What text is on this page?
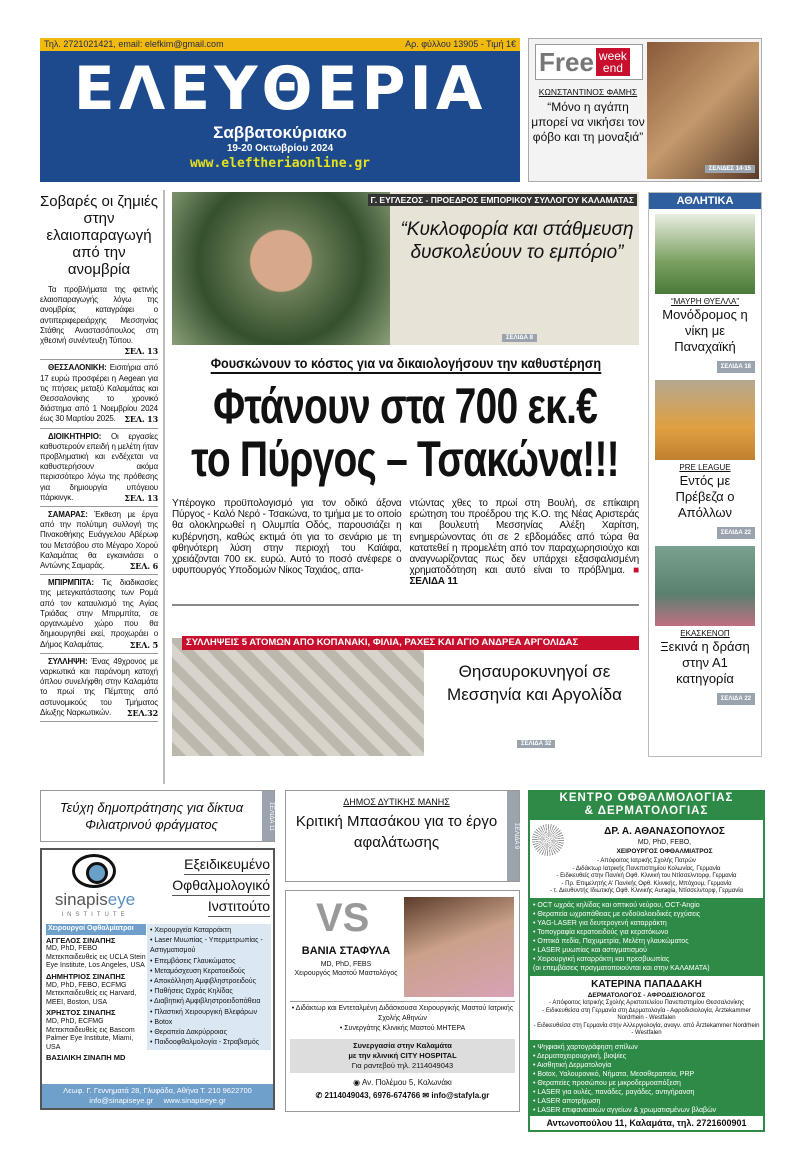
Τηλ. 2721021421, email: elefkim@gmail.com	Αρ. φύλλου 13905 - Τιμή 1€
ΕΛΕΥΘΕΡΙΑ
Σαββατοκύριακο
19-20 Οκτωβρίου 2024
www.eleftheriaonline.gr
Free week
end
ΚΩΝΣΤΑΝΤΙΝΟΣ ΦΑΜΗΣ
“Μόνο η αγάπη μπορεί να νικήσει τον φόβο και τη μοναξιά”
ΣΕΛΙΔΕΣ 14-15
Σοβαρές οι ζημιές στην ελαιοπαραγωγή από την ανομβρία
Τα προβλήματα της φετινής ελαιοπαραγωγής λόγω της ανομβρίας καταγράφει ο αντιπεριφερειάρχης Μεσσηνίας Στάθης Αναστασόπουλος στη χθεσινή συνέντευξη Τύπου.
ΣΕΛ. 13
ΘΕΣΣΑΛΟΝΙΚΗ: Εισιτήρια από 17 ευρώ προσφέρει η Aegean για τις πτήσεις μεταξύ Καλαμάτας και Θεσσαλονίκης το χρονικό διάστημα από 1 Νοεμβρίου 2024 έως 30 Μαρτίου 2025. ΣΕΛ. 13
ΔΙΟΙΚΗΤΗΡΙΟ: Οι εργασίες καθυστερούν επειδή η μελέτη ήταν προβληματική και ενδέχεται να καθυστερήσουν ακόμα περισσότερο λόγω της πρόθεσης για δημιουργία υπόγειου πάρκινγκ.	ΣΕΛ. 13
ΣΑΜΑΡΑΣ: Έκθεση με έργα από την πολύτιμη συλλογή της Πινακοθήκης Ευάγγελου Αβέρωφ του Μετσόβου στο Μέγαρο Χορού Καλαμάτας θα εγκαινιάσει ο Αντώνης Σαμαράς.	ΣΕΛ. 6
ΜΠΙΡΜΠΙΤΑ: Τις διαδικασίες της μετεγκατάστασης των Ρομά από τον καταυλισμό της Αγίας Τριάδας στην Μπιρμπίτα, σε οργανωμένο χώρο που θα δημιουργηθεί εκεί, προχωράει ο Δήμος Καλαμάτας.	ΣΕΛ. 5
ΣΥΛΛΗΨΗ: Ένας 49χρονος με ναρκωτικά και παράνομη κατοχή όπλου συνελήφθη στην Καλαμάτα το πρωί της Πέμπτης από αστυνομικούς του Τμήματος Δίωξης Ναρκωτικών. ΣΕΛ.32
Γ. ΕΥΓΛΕΖΟΣ - ΠΡΟΕΔΡΟΣ ΕΜΠΟΡΙΚΟΥ ΣΥΛΛΟΓΟΥ ΚΑΛΑΜΑΤΑΣ
“Κυκλοφορία και στάθμευση δυσκολεύουν το εμπόριο”
ΣΕΛΙΔΑ 8
Φουσκώνουν το κόστος για να δικαιολογήσουν την καθυστέρηση
Φτάνουν στα 700 εκ.€
το Πύργος – Τσακώνα!!!
Υπέρογκο προϋπολογισμό για τον οδικό άξονα Πύργος - Καλό Νερό - Τσακώνα, το τμήμα με το οποίο θα ολοκληρωθεί η Ολυμπία Οδός, παρουσιάζει η κυβέρνηση, καθώς εκτιμά ότι για το σενάριο με τη φθηνότερη λύση στην περιοχή του Καϊάφα, χρειάζονται 700 εκ. ευρώ. Αυτό το ποσό ανέφερε ο υφυπουργός Υποδομών Νίκος Ταχιάος, απα-
ντώντας χθες το πρωί στη Βουλή, σε επίκαιρη ερώτηση του προέδρου της Κ.Ο. της Νέας Αριστεράς και βουλευτή Μεσσηνίας Αλέξη Χαρίτση, ενημερώνοντας ότι σε 2 εβδομάδες από τώρα θα κατατεθεί η προμελέτη από τον παραχωρησιούχο και αναγνωρίζοντας πως δεν υπάρχει εξασφαλισμένη χρηματοδότηση και αυτό είναι το πρόβλημα. ■ ΣΕΛΙΔΑ 11
ΣΥΛΛΗΨΕΙΣ 5 ΑΤΟΜΩΝ ΑΠΟ ΚΟΠΑΝΑΚΙ, ΦΙΛΙΑ, ΡΑΧΕΣ ΚΑΙ ΑΓΙΟ ΑΝΔΡΕΑ ΑΡΓΟΛΙΔΑΣ
Θησαυροκυνηγοί σε Μεσσηνία και Αργολίδα
ΣΕΛΙΔΑ 32
ΑΘΛΗΤΙΚΑ
“ΜΑΥΡΗ ΘΥΕΛΛΑ”
Μονόδρομος η νίκη με Παναχαϊκή
ΣΕΛΙΔΑ 18
PRE LEAGUE
Εντός με Πρέβεζα ο Απόλλων
ΣΕΛΙΔΑ 22
ΕΚΑΣΚΕΝΟΠ
Ξεκινά η δράση στην Α1 κατηγορία
ΣΕΛΙΔΑ 22
Τεύχη δημοπράτησης για δίκτυα Φιλιατρινού φράγματος	ΣΕΛΙΔΑ 11	ΔΗΜΟΣ ΔΥΤΙΚΗΣ ΜΑΝΗΣ
Κριτική Μπασάκου για το έργο αφαλάτωσης	ΣΕΛΙΔΑ 9
sinapiseye
INSTITUTE
Εξειδικευμένο
Οφθαλμολογικό
Ινστιτούτο
Χειρουργοί Οφθαλμίατροι
ΑΓΓΕΛΟΣ ΣΙΝΑΠΗΣ
MD, PhD, FEBO Μετεκπαιδευθείς εις UCLA Stein Eye Institute, Los Angeles, USA
ΔΗΜΗΤΡΙΟΣ ΣΙΝΑΠΗΣ
MD, PhD, FEBO, ECFMG Μετεκπαιδευθείς εις Harvard, MEEI, Boston, USA
ΧΡΗΣΤΟΣ ΣΙΝΑΠΗΣ
MD, PhD, ECFMG Μετεκπαιδευθείς εις Bascom Palmer Eye Institute, Miami, USA
ΒΑΣΙΛΙΚΗ ΣΙΝΑΠΗ MD
• Χειρουργεία Καταρράκτη
• Laser Μυωπίας - Υπερμετρωπίας - Αστιγματισμού
• Επεμβάσεις Γλαυκώματος
• Μεταμόσχευση Κερατοειδούς
• Αποκόλληση Αμφιβληστροειδούς
• Παθήσεις Ωχράς Κηλίδας
• Διαβητική Αμφιβληστροειδοπάθεια
• Πλαστική Χειρουργική Βλεφάρων
• Botox
• Θεραπεία Δακρύρροιας
• Παιδοοφθαλμολογία - Στραβισμός
Λεωφ. Γ. Γεννηματά 28, Γλυφάδα, Αθήνα Τ. 210 9622700
info@sinapiseye.gr www.sinapiseye.gr
VS
ΒΑΝΙΑ ΣΤΑΦΥΛΑ
MD, PhD, FEBS
Χειρουργός Μαστού Μαστολόγος
• Διδάκτωρ και Εντεταλμένη Διδάσκουσα Χειρουργικής Μαστού Ιατρικής Σχολής Αθηνών
• Συνεργάτης Κλινικής Μαστού ΜΗΤΕΡΑ
Συνεργασία στην Καλαμάτα
με την κλινική CITY HOSPITAL
Για ραντεβού τηλ. 2114049043
◉ Αν. Πολέμου 5, Κολωνάκι
✆ 2114049043, 6976-674766 ✉ info@stafyla.gr
ΚΕΝΤΡΟ ΟΦΘΑΛΜΟΛΟΓΙΑΣ
& ΔΕΡΜΑΤΟΛΟΓΙΑΣ
ΔΡ. Α. ΑΘΑΝΑΣΟΠΟΥΛΟΣ
MD, PhD, FEBO,
ΧΕΙΡΟΥΡΓΟΣ ΟΦΘΑΛΜΙΑΤΡΟΣ
- Απόφοιτος Ιατρικής Σχολής Πατρών
- Διδάκτωρ Ιατρικής Πανεπιστημίου Κολωνίας, Γερμανία
- Ειδικευθείς στην Παν/κή Οφθ. Κλινική του Ντίσσελντορφ, Γερμανία
- Πρ. Επιμελητής Α' Παν/κής Οφθ. Κλινικής, Μπόχουμ, Γερμανία
- τ. Διευθυντής Ιδιωτικής Οφθ. Κλινικής Auragia, Ντίσσελντορφ, Γερμανία
• OCT ωχράς κηλίδας και οπτικού νεύρου, OCT-Angio
• Θεραπεία ωχροπάθειας με ενδοϋαλοειδικές εγχύσεις
• YAG-LASER για δευτερογενή καταρράκτη
• Τοπογραφία κερατοειδούς για κερατόκωνο
• Οπτικά πεδία, Παχυμετρία, Μελέτη γλαυκώματος
• LASER μυωπίας και αστιγματισμού
• Χειρουργική καταρράκτη και πρεσβυωπίας
(οι επεμβάσεις πραγματοποιούνται και στην ΚΑΛΑΜΑΤΑ)
ΚΑΤΕΡΙΝΑ ΠΑΠΑΔΑΚΗ
ΔΕΡΜΑΤΟΛΟΓΟΣ - ΑΦΡΟΔΙΣΙΟΛΟΓΟΣ
- Απόφοιτος Ιατρικής Σχολής Αριστοτελείου Πανεπιστημίου Θεσσαλονίκης
- Ειδικευθείσα στη Γερμανία στη Δερματολογία - Αφροδισιολογία, Ärztekammer Nordrhein - Westfalen
- Ειδικευθείσα στη Γερμανία στην Αλλεργιολογία, αναγν. από Ärztekammer Nordrhein - Westfalen
• Ψηφιακή χαρτογράφηση σπίλων
• Δερματοχειρουργική, βιοψίες
• Αισθητική Δερματολογία
• Botox, Υαλουρονικό, Νήματα, Μεσοθεραπεία, PRP
• Θεραπείες προσώπου με μικροδερμοαπόξεση
• LASER για ουλές, πανάδες, ραγάδες, αντιγήρανση
• LASER αποτρίχωση
• LASER επιφανειακών αγγείων & χρωματισμένων βλαβών
Αντωνοπούλου 11, Καλαμάτα, τηλ. 2721600901
